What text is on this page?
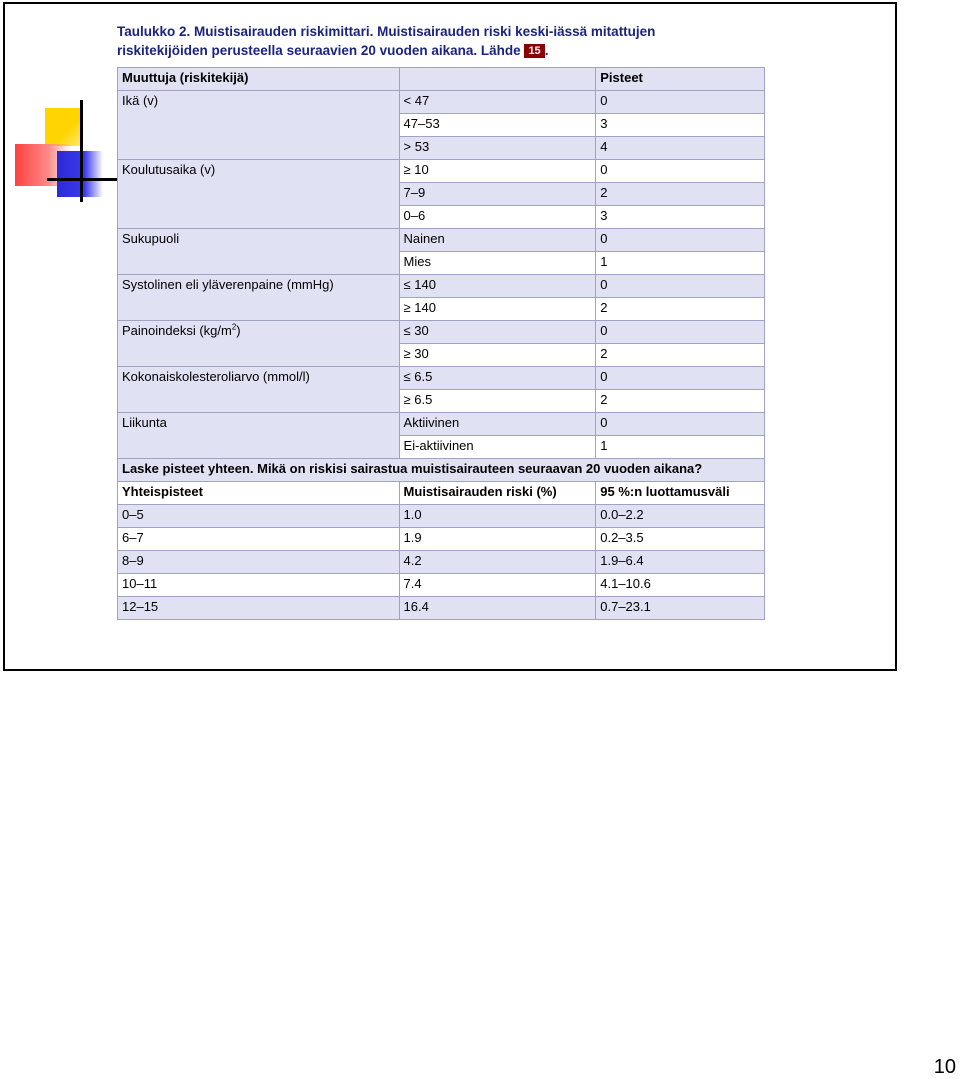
Taulukko 2. Muistisairauden riskimittari. Muistisairauden riski keski-iässä mitattujen riskitekijöiden perusteella seuraavien 20 vuoden aikana. Lähde 15 .
Muuttuja (riskitekijä)		Pisteet
Ikä (v)	< 47	0
	47–53	3
	> 53	4
Koulutusaika (v)	≥ 10	0
	7–9	2
	0–6	3
Sukupuoli	Nainen	0
	Mies	1
Systolinen eli yläverenpaine (mmHg)	≤ 140	0
	≥ 140	2
Painoindeksi $(kg/m^2)$	≤ 30	0
	≥ 30	2
Kokonaiskolesteroliarvo (mmol/l)	≤ 6.5	0
	≥ 6.5	2
Liikunta	Aktiivinen	0
	Ei-aktiivinen	1
Laske pisteet yhteen. Mikä on riskisi sairastua muistisairauteen seuraavan 20 vuoden aikana?		
Yhteispisteet	Muistisairauden riski (%)	95 %:n luottamusväli
0–5	1.0	0.0–2.2
6–7	1.9	0.2–3.5
8–9	4.2	1.9–6.4
10–11	7.4	4.1–10.6
12–15	16.4	0.7–23.1
10
